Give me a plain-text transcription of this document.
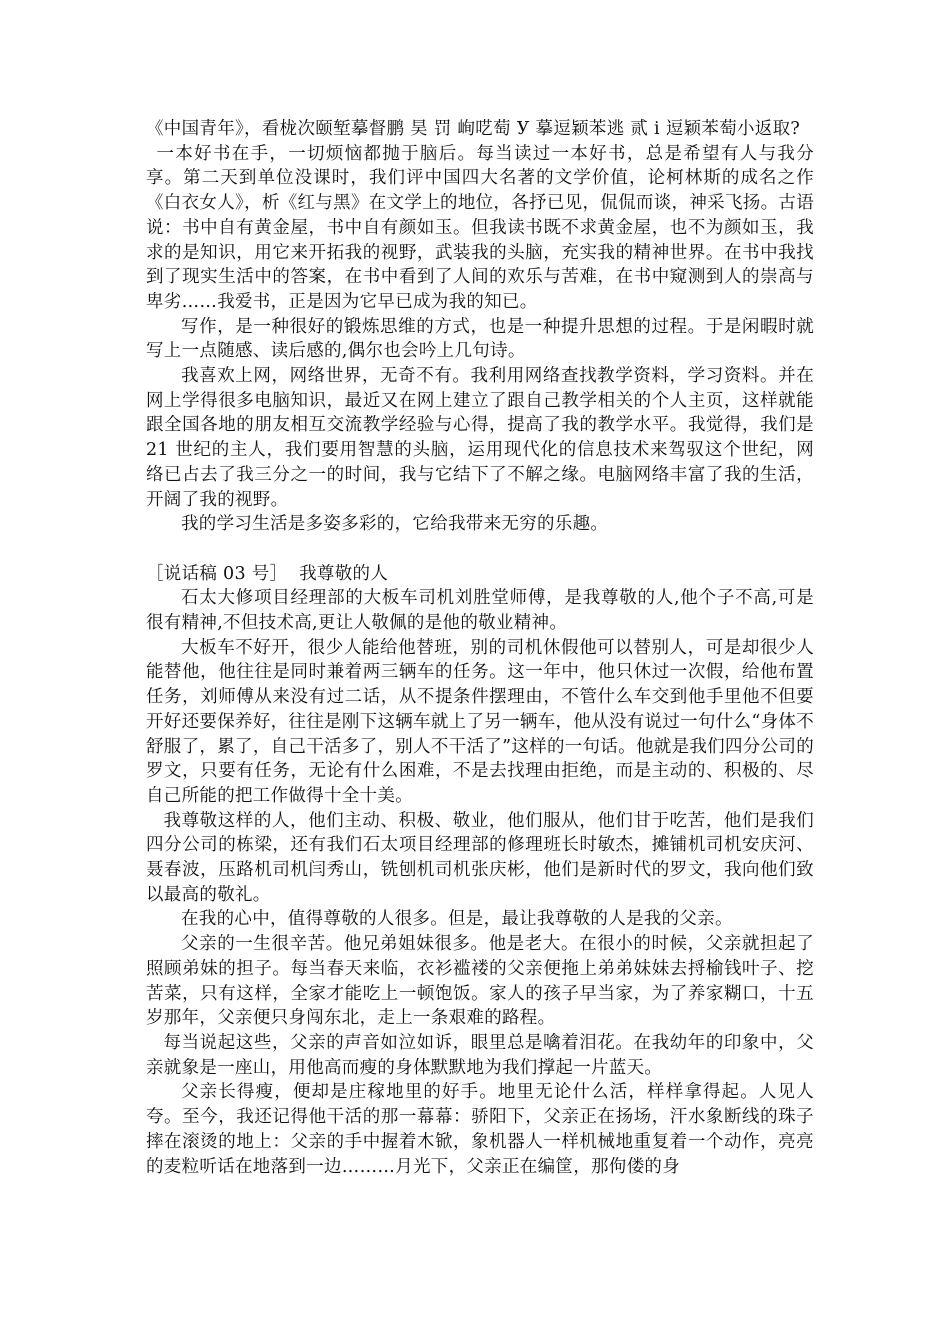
《中国青年》，看栊次颐堑摹督鹏 昊 罚 峋呓萄 У 摹逗颖苯逃 贰 i 逗颖苯萄小返取?

一本好书在手，一切烦恼都抛于脑后。每当读过一本好书，总是希望有人与我分享。第二天到单位没课时，我们评中国四大名著的文学价值，论柯林斯的成名之作《白衣女人》，析《红与黑》在文学上的地位，各抒已见，侃侃而谈，神采飞扬。古语说：书中自有黄金屋，书中自有颜如玉。但我读书既不求黄金屋，也不为颜如玉，我求的是知识，用它来开拓我的视野，武装我的头脑，充实我的精神世界。在书中我找到了现实生活中的答案，在书中看到了人间的欢乐与苦难，在书中窥测到人的崇高与卑劣……我爱书，正是因为它早已成为我的知已。

写作，是一种很好的锻炼思维的方式，也是一种提升思想的过程。于是闲暇时就写上一点随感、读后感的,偶尔也会吟上几句诗。

我喜欢上网，网络世界，无奇不有。我利用网络查找教学资料，学习资料。并在网上学得很多电脑知识，最近又在网上建立了跟自己教学相关的个人主页，这样就能跟全国各地的朋友相互交流教学经验与心得，提高了我的教学水平。我觉得，我们是 21 世纪的主人，我们要用智慧的头脑，运用现代化的信息技术来驾驭这个世纪，网络已占去了我三分之一的时间，我与它结下了不解之缘。电脑网络丰富了我的生活，开阔了我的视野。

我的学习生活是多姿多彩的，它给我带来无穷的乐趣。

［说话稿 03 号］  我尊敬的人

石太大修项目经理部的大板车司机刘胜堂师傅，是我尊敬的人,他个子不高,可是很有精神,不但技术高,更让人敬佩的是他的敬业精神。

大板车不好开，很少人能给他替班，别的司机休假他可以替别人，可是却很少人能替他，他往往是同时兼着两三辆车的任务。这一年中，他只休过一次假，给他布置任务，刘师傅从来没有过二话，从不提条件摆理由，不管什么车交到他手里他不但要开好还要保养好，往往是刚下这辆车就上了另一辆车，他从没有说过一句什么“身体不舒服了，累了，自己干活多了，别人不干活了”这样的一句话。他就是我们四分公司的罗文，只要有任务，无论有什么困难，不是去找理由拒绝，而是主动的、积极的、尽自己所能的把工作做得十全十美。

我尊敬这样的人，他们主动、积极、敬业，他们服从，他们甘于吃苦，他们是我们四分公司的栋梁，还有我们石太项目经理部的修理班长时敏杰，摊铺机司机安庆河、聂春波，压路机司机闫秀山，铣刨机司机张庆彬，他们是新时代的罗文，我向他们致以最高的敬礼。

在我的心中，值得尊敬的人很多。但是，最让我尊敬的人是我的父亲。

父亲的一生很辛苦。他兄弟姐妹很多。他是老大。在很小的时候，父亲就担起了照顾弟妹的担子。每当春天来临，衣衫褴褛的父亲便拖上弟弟妹妹去捋榆钱叶子、挖苦菜，只有这样，全家才能吃上一顿饱饭。家人的孩子早当家，为了养家糊口，十五岁那年，父亲便只身闯东北，走上一条艰难的路程。

每当说起这些，父亲的声音如泣如诉，眼里总是噙着泪花。在我幼年的印象中，父亲就象是一座山，用他高而瘦的身体默默地为我们撑起一片蓝天。

父亲长得瘦，便却是庄稼地里的好手。地里无论什么活，样样拿得起。人见人夸。至今，我还记得他干活的那一幕幕：骄阳下，父亲正在扬场，汗水象断线的珠子摔在滚烫的地上：父亲的手中握着木锨，象机器人一样机械地重复着一个动作，亮亮的麦粒听话在地落到一边………月光下，父亲正在编筐，那佝偻的身
